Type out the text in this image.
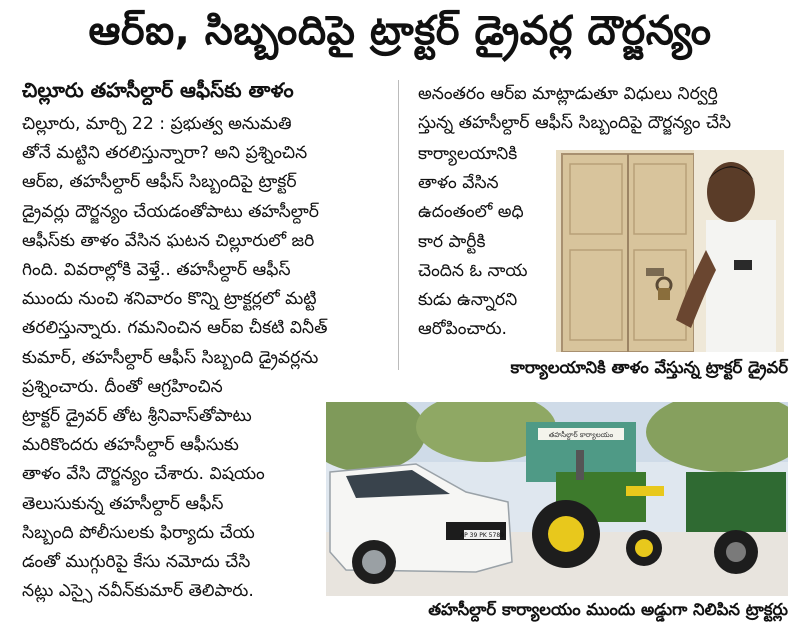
ఆర్ఐ, సిబ్బందిపై ట్రాక్టర్ డ్రైవర్ల దౌర్జన్యం
చిల్లూరు తహసీల్దార్ ఆఫీస్‌కు తాళం
చిల్లూరు, మార్చి 22 : ప్రభుత్వ అనుమతి
తోనే మట్టిని తరలిస్తున్నారా? అని ప్రశ్నించిన
ఆర్ఐ, తహసీల్దార్ ఆఫీస్ సిబ్బందిపై ట్రాక్టర్
డ్రైవర్లు దౌర్జన్యం చేయడంతోపాటు తహసీల్దార్
ఆఫీస్‌కు తాళం వేసిన ఘటన చిల్లూరులో జరి
గింది. వివరాల్లోకి వెళ్తే.. తహసీల్దార్ ఆఫీస్
ముందు నుంచి శనివారం కొన్ని ట్రాక్టర్లలో మట్టి
తరలిస్తున్నారు. గమనించిన ఆర్ఐ చీకటి వినీత్
కుమార్, తహసీల్దార్ ఆఫీస్ సిబ్బంది డ్రైవర్లను
ప్రశ్నించారు. దీంతో ఆగ్రహించిన
ట్రాక్టర్ డ్రైవర్ తోట శ్రీనివాస్‌తోపాటు
మరికొందరు తహసీల్దార్ ఆఫీసుకు
తాళం వేసి దౌర్జన్యం చేశారు. విషయం
తెలుసుకున్న తహసీల్దార్ ఆఫీస్
సిబ్బంది పోలీసులకు ఫిర్యాదు చేయ
డంతో ముగ్గురిపై కేసు నమోదు చేసి
నట్లు ఎస్సై నవీన్‌కుమార్ తెలిపారు.
అనంతరం ఆర్ఐ మాట్లాడుతూ విధులు నిర్వర్తి
స్తున్న తహసీల్దార్ ఆఫీస్ సిబ్బందిపై దౌర్జన్యం చేసి
కార్యాలయానికి
తాళం వేసిన
ఉదంతంలో అధి
కార పార్టీకి
చెందిన ఓ నాయ
కుడు ఉన్నారని
ఆరోపించారు.
కార్యాలయానికి తాళం వేస్తున్న ట్రాక్టర్ డ్రైవర్
తహసీల్దార్ కార్యాలయం
AP 39 PK 5789
తహసీల్దార్ కార్యాలయం ముందు అడ్డుగా నిలిపిన ట్రాక్టర్లు
